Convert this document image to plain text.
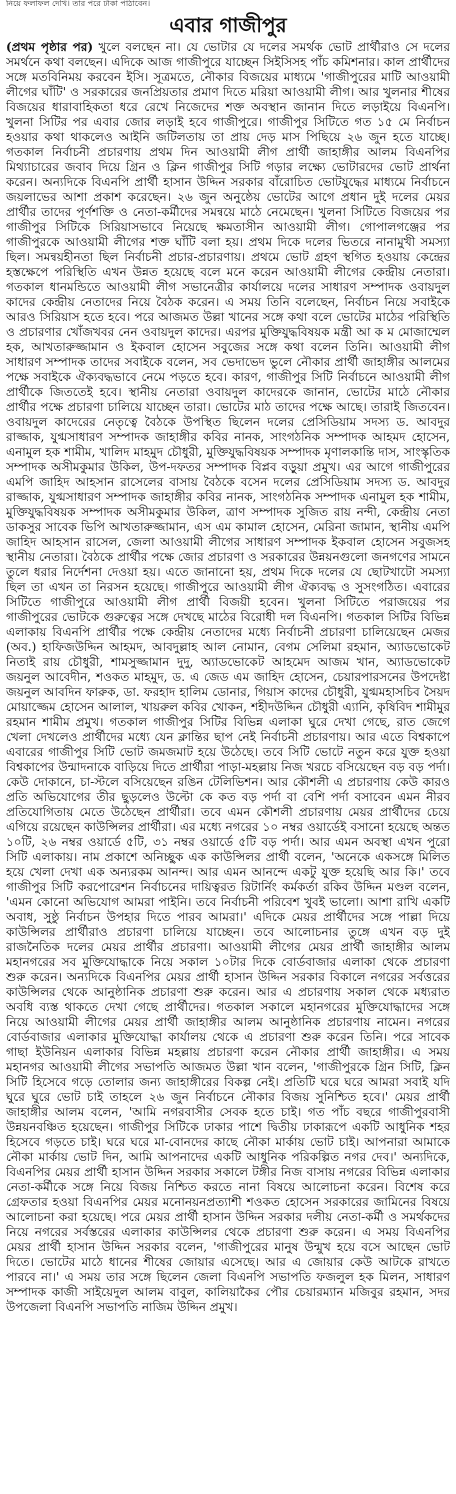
নিয়ে ফলাফল দেখি। তার পরে টাকা পাঠাবেন।
এবার গাজীপুর

(প্রথম পৃষ্ঠার পর) খুলে বলছেন না। যে ভোটার যে দলের সমর্থক ভোট প্রার্থীরাও সে দলের সমর্থনে কথা বলছেন। এদিকে আজ গাজীপুরে যাচ্ছেন সিইসিসহ পাঁচ কমিশনার। কাল প্রার্থীদের সঙ্গে মতবিনিময় করবেন ইসি। সূত্রমতে, নৌকার বিজয়ের মাধ্যমে 'গাজীপুরের মাটি আওয়ামী লীগের ঘাঁটি' ও সরকারের জনপ্রিয়তার প্রমাণ দিতে মরিয়া আওয়ামী লীগ। আর খুলনার শীষের বিজয়ের ধারাবাহিকতা ধরে রেখে নিজেদের শক্ত অবস্থান জানান দিতে লড়াইয়ে বিএনপি। খুলনা সিটির পর এবার জোর লড়াই হবে গাজীপুরে। গাজীপুর সিটিতে গত ১৫ মে নির্বাচন হওয়ার কথা থাকলেও আইনি জটিলতায় তা প্রায় দেড় মাস পিছিয়ে ২৬ জুন হতে যাচ্ছে। গতকাল নির্বাচনী প্রচারণায় প্রথম দিন আওয়ামী লীগ প্রার্থী জাহাঙ্গীর আলম বিএনপির মিথ্যাচারের জবাব দিয়ে গ্রিন ও ক্লিন গাজীপুর সিটি গড়ার লক্ষ্যে ভোটারদের ভোট প্রার্থনা করেন। অন্যদিকে বিএনপি প্রার্থী হাসান উদ্দিন সরকার বাঁরোচিত ভোটযুদ্ধের মাধ্যমে নির্বাচনে জয়লাভের আশা প্রকাশ করেছেন। ২৬ জুন অনুষ্ঠেয় ভোটের আগে প্রধান দুই দলের মেয়র প্রার্থীর তাদের পূর্ণশক্তি ও নেতা-কর্মীদের সমন্বয়ে মাঠে নেমেছেন। খুলনা সিটিতে বিজয়ের পর গাজীপুর সিটিকে সিরিয়াসভাবে নিয়েছে ক্ষমতাসীন আওয়ামী লীগ। গোপালগঞ্জের পর গাজীপুরকে আওয়ামী লীগের শক্ত ঘাঁটি বলা হয়। প্রথম দিকে দলের ভিতরে নানামুখী সমস্যা ছিল। সমন্বয়হীনতা ছিল নির্বাচনী প্রচার-প্রচারণায়। প্রথমে ভোট গ্রহণ স্থগিত হওয়ায় কেন্দ্রের হস্তক্ষেপে পরিস্থিতি এখন উন্নত হয়েছে বলে মনে করেন আওয়ামী লীগের কেন্দ্রীয় নেতারা। গতকাল ধানমন্ডিতে আওয়ামী লীগ সভানেত্রীর কার্যালয়ে দলের সাধারণ সম্পাদক ওবায়দুল কাদের কেন্দ্রীয় নেতাদের নিয়ে বৈঠক করেন। এ সময় তিনি বলেছেন, নির্বাচন নিয়ে সবাইকে আরও সিরিয়াস হতে হবে। পরে আজমত উল্লা খানের সঙ্গে কথা বলে ভোটের মাঠের পরিস্থিতি ও প্রচারণার খোঁজখবর নেন ওবায়দুল কাদের। এরপর মুক্তিযুদ্ধবিষয়ক মন্ত্রী আ ক ম মোজাম্মেল হক, আখতারুজ্জামান ও ইকবাল হোসেন সবুজের সঙ্গে কথা বলেন তিনি। আওয়ামী লীগ সাধারণ সম্পাদক তাদের সবাইকে বলেন, সব ভেদাভেদ ভুলে নৌকার প্রার্থী জাহাঙ্গীর আলমের পক্ষে সবাইকে ঐক্যবদ্ধভাবে নেমে পড়তে হবে। কারণ, গাজীপুর সিটি নির্বাচনে আওয়ামী লীগ প্রার্থীকে জিততেই হবে। স্থানীয় নেতারা ওবায়দুল কাদেরকে জানান, ভোটের মাঠে নৌকার প্রার্থীর পক্ষে প্রচারণা চালিয়ে যাচ্ছেন তারা। ভোটের মাঠ তাদের পক্ষে আছে। তারাই জিতবেন। ওবায়দুল কাদেরের নেতৃত্বে বৈঠকে উপস্থিত ছিলেন দলের প্রেসিডিয়াম সদস্য ড. আবদুর রাজ্জাক, যুগ্মসাধারণ সম্পাদক জাহাঙ্গীর কবির নানক, সাংগঠনিক সম্পাদক আহমদ হোসেন, এনামুল হক শামীম, খালিদ মাহমুদ চৌধুরী, মুক্তিযুদ্ধবিষয়ক সম্পাদক মৃণালকান্তি দাস, সাংস্কৃতিক সম্পাদক অসীমকুমার উকিল, উপ-দফতর সম্পাদক বিপ্লব বড়ুয়া প্রমুখ। এর আগে গাজীপুরের এমপি জাহিদ আহসান রাসেলের বাসায় বৈঠকে বসেন দলের প্রেসিডিয়াম সদস্য ড. আবদুর রাজ্জাক, যুগ্মসাধারণ সম্পাদক জাহাঙ্গীর কবির নানক, সাংগঠনিক সম্পাদক এনামুল হক শামীম, মুক্তিযুদ্ধবিষয়ক সম্পাদক অসীমকুমার উকিল, ত্রাণ সম্পাদক সুজিত রায় নন্দী, কেন্দ্রীয় নেতা ডাকসুর সাবেক ভিপি আখতারুজ্জামান, এস এম কামাল হোসেন, মেরিনা জামান, স্থানীয় এমপি জাহিদ আহসান রাসেল, জেলা আওয়ামী লীগের সাধারণ সম্পাদক ইকবাল হোসেন সবুজসহ স্থানীয় নেতারা। বৈঠকে প্রার্থীর পক্ষে জোর প্রচারণা ও সরকারের উন্নয়নগুলো জনগণের সামনে তুলে ধরার নির্দেশনা দেওয়া হয়। এতে জানানো হয়, প্রথম দিকে দলের যে ছোটখাটো সমস্যা ছিল তা এখন তা নিরসন হয়েছে। গাজীপুরে আওয়ামী লীগ ঐক্যবদ্ধ ও সুসংগঠিত। এবারের সিটিতে গাজীপুরে আওয়ামী লীগ প্রার্থী বিজয়ী হবেন। খুলনা সিটিতে পরাজয়ের পর গাজীপুরের ভোটকে গুরুত্বের সঙ্গে দেখছে মাঠের বিরোধী দল বিএনপি। গতকাল সিটির বিভিন্ন এলাকায় বিএনপি প্রার্থীর পক্ষে কেন্দ্রীয় নেতাদের মধ্যে নির্বাচনী প্রচারণা চালিয়েছেন মেজর (অব.) হাফিজউদ্দিন আহমদ, আবদুল্লাহ আল নোমান, বেগম সেলিমা রহমান, অ্যাডভোকেট নিতাই রায় চৌধুরী, শামসুজ্জামান দুদু, অ্যাডভোকেট আহমেদ আজম খান, অ্যাডভোকেট জয়নুল আবেদীন, শওকত মাহমুদ, ড. এ জেড এম জাহিদ হোসেন, চেয়ারপারসনের উপদেষ্টা জয়নুল আবদিন ফারুক, ডা. ফরহাদ হালিম ডোনার, গিয়াস কাদের চৌধুরী, যুগ্মমহাসচিব সৈয়দ মোয়াজ্জেম হোসেন আলাল, খায়রুল কবির খোকন, শহীদউদ্দিন চৌধুরী এ্যানি, কৃষিবিদ শামীমুর রহমান শামীম প্রমুখ। গতকাল গাজীপুর সিটির বিভিন্ন এলাকা ঘুরে দেখা গেছে, রাত জেগে খেলা দেখলেও প্রার্থীদের মধ্যে যেন ক্লান্তির ছাপ নেই নির্বাচনী প্রচারণায়। আর এতে বিশ্বকাপে এবারের গাজীপুর সিটি ভোট জমজমাট হয়ে উঠেছে। তবে সিটি ভোটে নতুন করে যুক্ত হওয়া বিশ্বকাপের উন্মাদনাকে বাড়িয়ে দিতে প্রার্থীরা পাড়া-মহল্লায় নিজ খরচে বসিয়েছেন বড় বড় পর্দা। কেউ দোকানে, চা-স্টলে বসিয়েছেন রঙিন টেলিভিশন। আর কৌশলী এ প্রচারণায় কেউ কারও প্রতি অভিযোগের তীর ছুড়লেও উল্টো কে কত বড় পর্দা বা বেশি পর্দা বসাবেন এমন নীরব প্রতিযোগিতায় মেতে উঠেছেন প্রার্থীরা। তবে এমন কৌশলী প্রচারণায় মেয়র প্রার্থীদের চেয়ে এগিয়ে রয়েছেন কাউন্সিলর প্রার্থীরা। এর মধ্যে নগরের ১০ নম্বর ওয়ার্ডেই বসানো হয়েছে অন্তত ১০টি, ২৬ নম্বর ওয়ার্ডে ৫টি, ৩১ নম্বর ওয়ার্ডে ৫টি বড় পর্দা। আর এমন অবস্থা এখন পুরো সিটি এলাকায়। নাম প্রকাশে অনিচ্ছুক এক কাউন্সিলর প্রার্থী বলেন, 'অনেকে একসঙ্গে মিলিত হয়ে খেলা দেখা এক অন্যরকম আনন্দ। আর এমন আনন্দে একটু যুক্ত হয়েছি আর কি।' তবে গাজীপুর সিটি করপোরেশন নির্বাচনের দায়িত্বরত রিটার্নিং কর্মকর্তা রকিব উদ্দিন মণ্ডল বলেন, 'এমন কোনো অভিযোগ আমরা পাইনি। তবে নির্বাচনী পরিবেশ খুবই ভালো। আশা রাখি একটি অবাধ, সুষ্ঠু নির্বাচন উপহার দিতে পারব আমরা।' এদিকে মেয়র প্রার্থীদের সঙ্গে পাল্লা দিয়ে কাউন্সিলর প্রার্থীরাও প্রচারণা চালিয়ে যাচ্ছেন। তবে আলোচনার তুঙ্গে এখন বড় দুই রাজনৈতিক দলের মেয়র প্রার্থীর প্রচারণা। আওয়ামী লীগের মেয়র প্রার্থী জাহাঙ্গীর আলম মহানগরের সব মুক্তিযোদ্ধাকে নিয়ে সকাল ১০টার দিকে বোর্ডবাজার এলাকা থেকে প্রচারণা শুরু করেন। অন্যদিকে বিএনপির মেয়র প্রার্থী হাসান উদ্দিন সরকার বিকালে নগরের সর্বত্তরের কাউন্সিলর থেকে আনুষ্ঠানিক প্রচারণা শুরু করেন। আর এ প্রচারণায় সকাল থেকে মধ্যরাত অবধি ব্যস্ত থাকতে দেখা গেছে প্রার্থীদের। গতকাল সকালে মহানগরের মুক্তিযোদ্ধাদের সঙ্গে নিয়ে আওয়ামী লীগের মেয়র প্রার্থী জাহাঙ্গীর আলম আনুষ্ঠানিক প্রচারণায় নামেন। নগরের বোর্ডবাজার এলাকার মুক্তিযোদ্ধা কার্যালয় থেকে এ প্রচারণা শুরু করেন তিনি। পরে সাবেক গাছা ইউনিয়ন এলাকার বিভিন্ন মহল্লায় প্রচারণা করেন নৌকার প্রার্থী জাহাঙ্গীর। এ সময় মহানগর আওয়ামী লীগের সভাপতি আজমত উল্লা খান বলেন, 'গাজীপুরকে গ্রিন সিটি, ক্লিন সিটি হিসেবে গড়ে তোলার জন্য জাহাঙ্গীরের বিকল্প নেই। প্রতিটি ঘরে ঘরে আমরা সবাই যদি ঘুরে ঘুরে ভোট চাই তাহলে ২৬ জুন নির্বাচনে নৌকার বিজয় সুনিশ্চিত হবে।' মেয়র প্রার্থী জাহাঙ্গীর আলম বলেন, 'আমি নগরবাসীর সেবক হতে চাই। গত পাঁচ বছরে গাজীপুরবাসী উন্নয়নবঞ্চিত হয়েছেন। গাজীপুর সিটিকে ঢাকার পাশে দ্বিতীয় ঢাকারূপে একটি আধুনিক শহর হিসেবে গড়তে চাই। ঘরে ঘরে মা-বোনদের কাছে নৌকা মার্কায় ভোট চাই। আপনারা আমাকে নৌকা মার্কায় ভোট দিন, আমি আপনাদের একটি আধুনিক পরিকল্পিত নগর দেব।' অন্যদিকে, বিএনপির মেয়র প্রার্থী হাসান উদ্দিন সরকার সকালে টঙ্গীর নিজ বাসায় নগরের বিভিন্ন এলাকার নেতা-কর্মীকে সঙ্গে নিয়ে বিজয় নিশ্চিত করতে নানা বিষয়ে আলোচনা করেন। বিশেষ করে গ্রেফতার হওয়া বিএনপির মেয়র মনোনয়নপ্রত্যাশী শওকত হোসেন সরকারের জামিনের বিষয়ে আলোচনা করা হয়েছে। পরে মেয়র প্রার্থী হাসান উদ্দিন সরকার দলীয় নেতা-কর্মী ও সমর্থকদের নিয়ে নগরের সর্বস্তরের এলাকার কাউন্সিলর থেকে প্রচারণা শুরু করেন। এ সময় বিএনপির মেয়র প্রার্থী হাসান উদ্দিন সরকার বলেন, 'গাজীপুরের মানুষ উন্মুখ হয়ে বসে আছেন ভোট দিতে। ভোটের মাঠে ধানের শীষের জোয়ার এসেছে। আর এ জোয়ার কেউ আটকে রাখতে পারবে না।' এ সময় তার সঙ্গে ছিলেন জেলা বিএনপি সভাপতি ফজলুল হক মিলন, সাধারণ সম্পাদক কাজী সাইয়েদুল আলম বাবুল, কালিয়াকৈর পৌর চেয়ারম্যান মজিবুর রহমান, সদর উপজেলা বিএনপি সভাপতি নাজিম উদ্দিন প্রমুখ।
